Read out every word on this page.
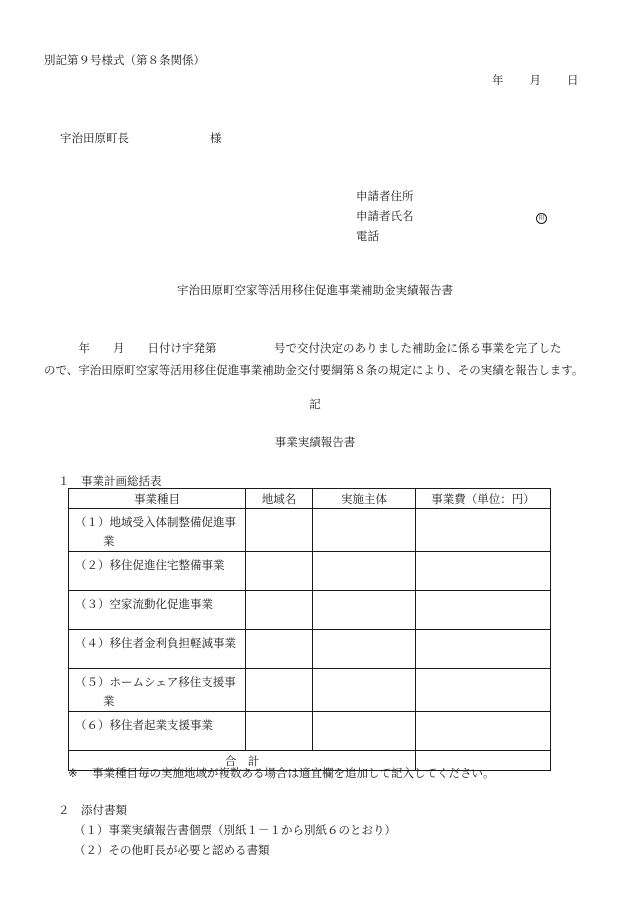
別記第９号様式（第８条関係）
年 月 日
宇治田原町長	様
申請者住所
申請者氏名	印
電話
宇治田原町空家等活用移住促進事業補助金実績報告書
　　　年　　月　　日付け宇発第　　　　　号で交付決定のありました補助金に係る事業を完了した
ので、宇治田原町空家等活用移住促進事業補助金交付要綱第８条の規定により、その実績を報告します。
記
事業実績報告書
１　事業計画総括表
事業種目	地域名	実施主体	事業費（単位：円）

（１）地域受入体制整備促進事業			

（２）移住促進住宅整備事業			

（３）空家流動化促進事業			

（４）移住者金利負担軽減事業			

（５）ホームシェア移住支援事業			

（６）移住者起業支援事業			

合　計			
※ 事業種目毎の実施地域が複数ある場合は適宜欄を追加して記入してください。
２　添付書類
（１）事業実績報告書個票（別紙１－１から別紙６のとおり）
（２）その他町長が必要と認める書類
